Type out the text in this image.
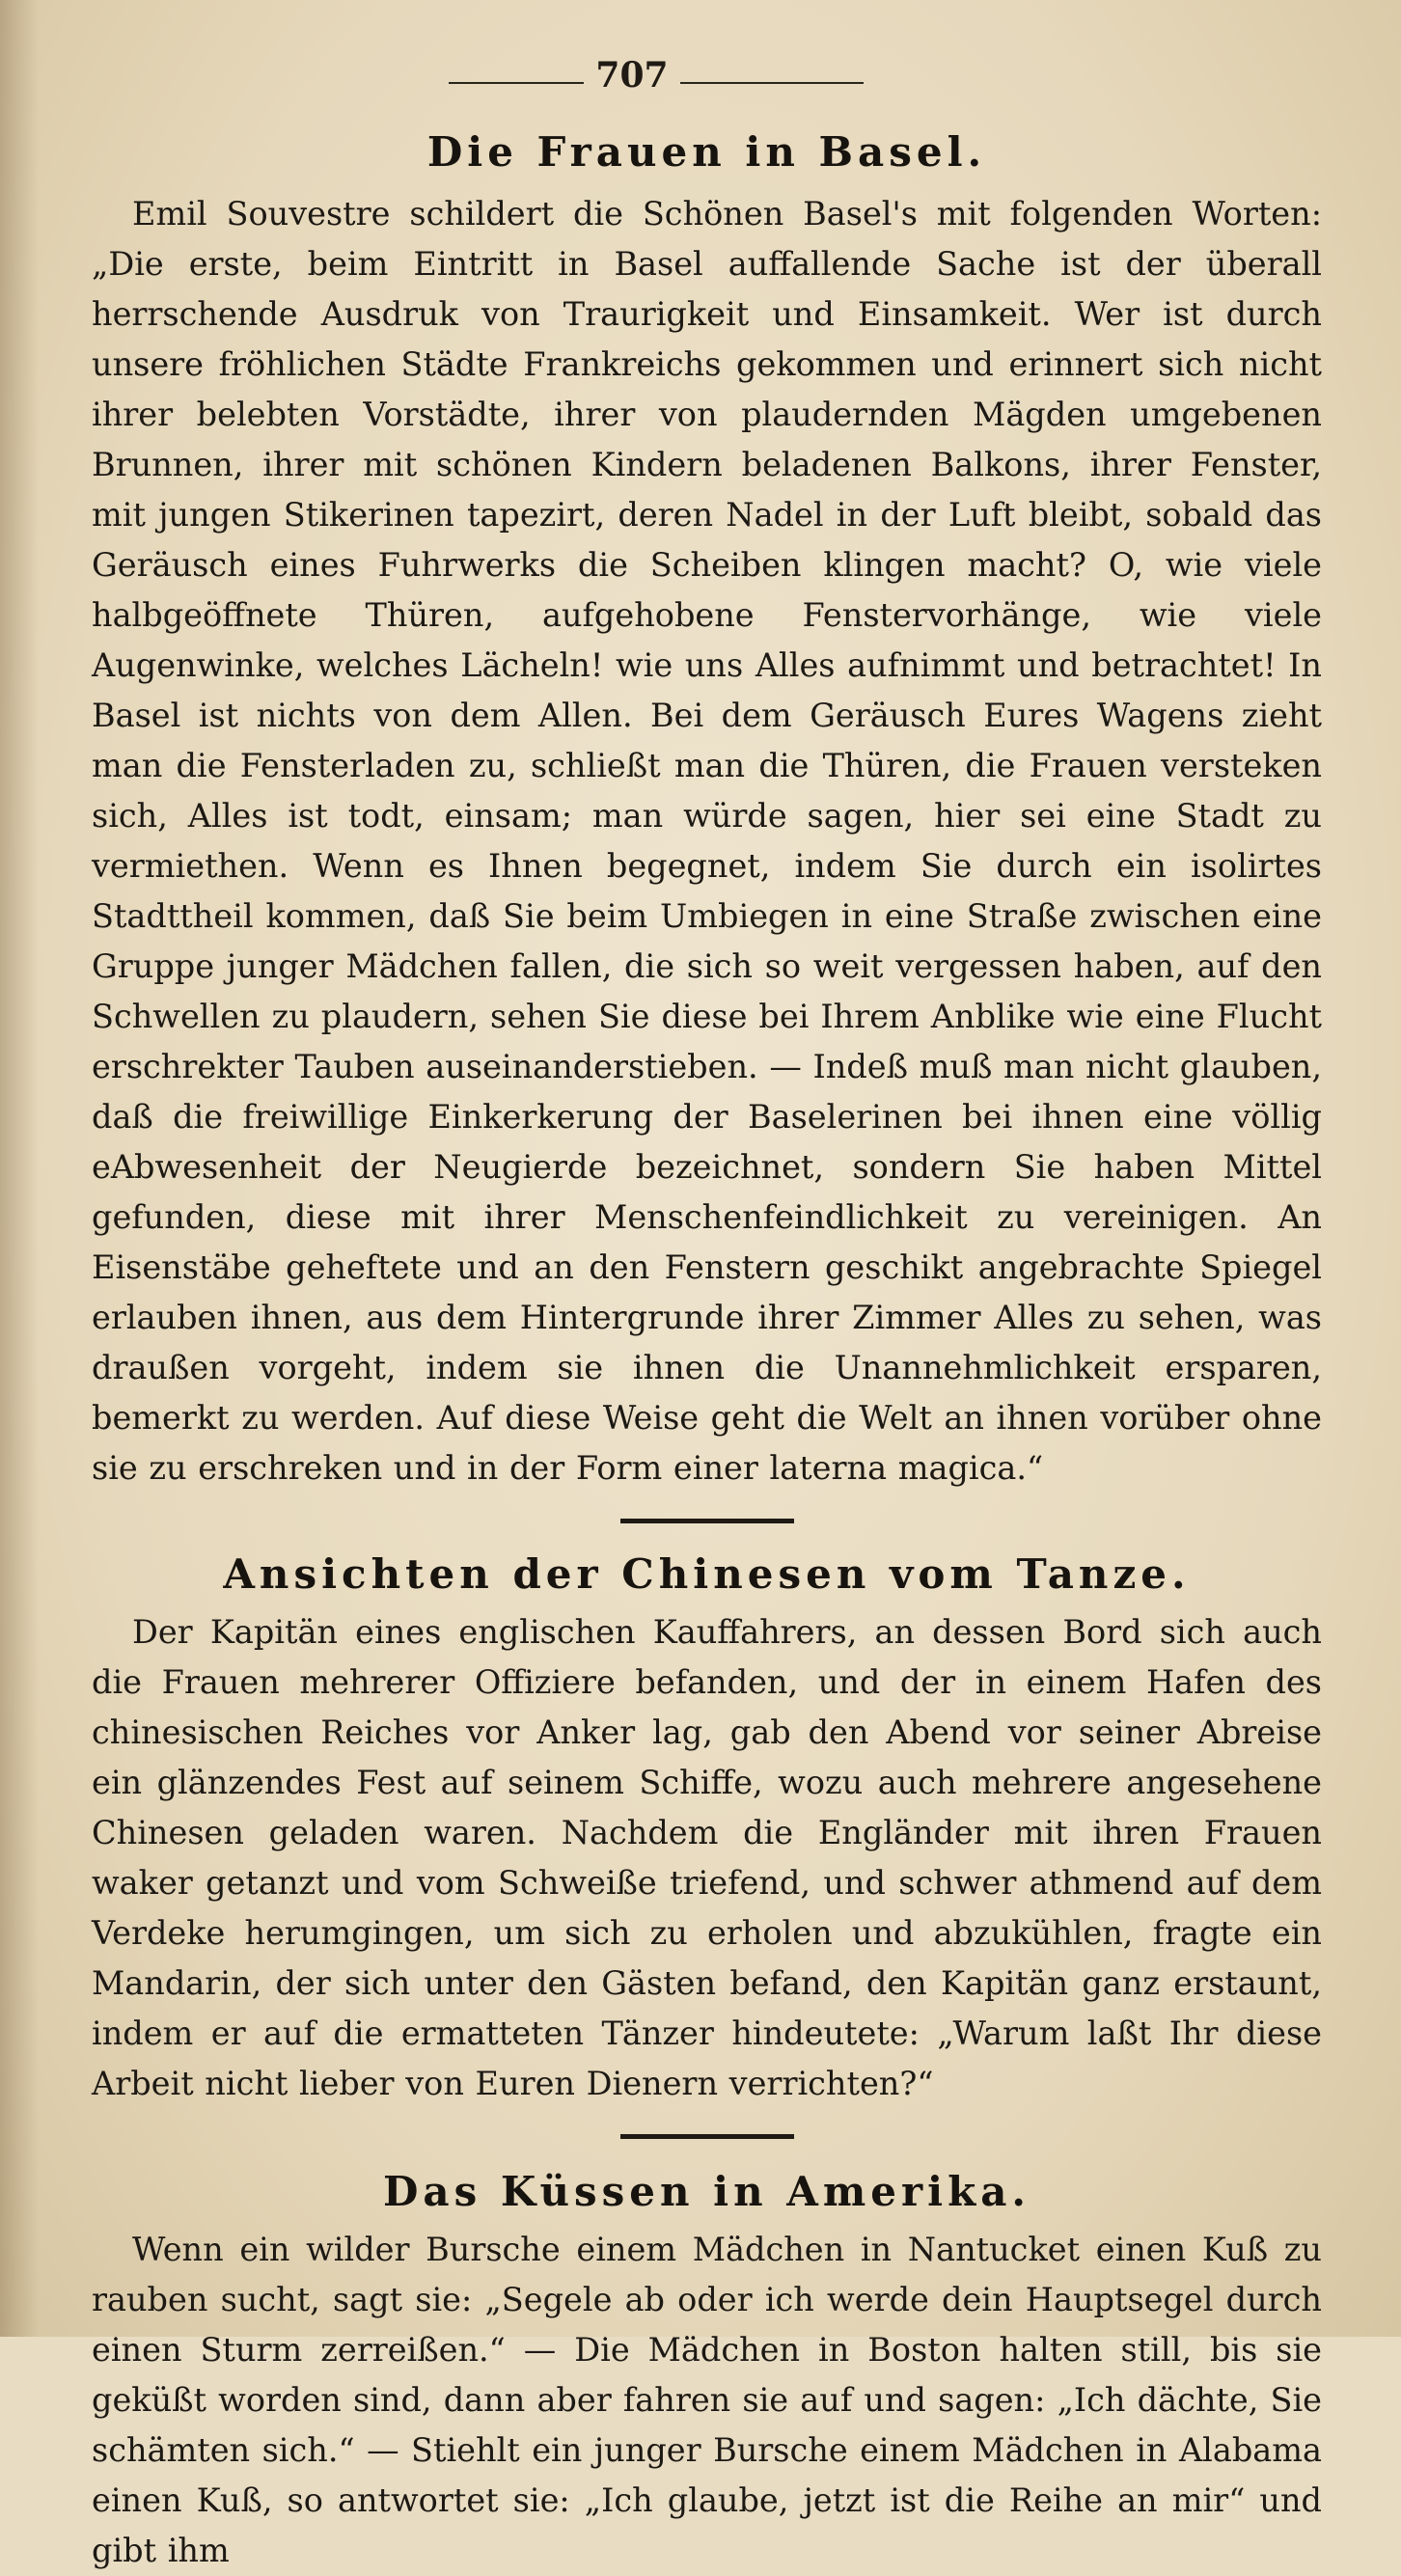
707
Die Frauen in Basel.

Emil Souvestre schildert die Schönen Basel's mit folgenden Worten: „Die erste, beim Eintritt in Basel auffallende Sache ist der überall herrschende Ausdruk von Traurigkeit und Einsamkeit. Wer ist durch unsere fröhlichen Städte Frankreichs gekommen und erinnert sich nicht ihrer belebten Vorstädte, ihrer von plaudernden Mägden umgebenen Brunnen, ihrer mit schönen Kindern beladenen Balkons, ihrer Fenster, mit jungen Stikerinen tapezirt, deren Nadel in der Luft bleibt, sobald das Geräusch eines Fuhrwerks die Scheiben klingen macht? O, wie viele halbgeöffnete Thüren, aufgehobene Fenstervorhänge, wie viele Augenwinke, welches Lächeln! wie uns Alles aufnimmt und betrachtet! In Basel ist nichts von dem Allen. Bei dem Geräusch Eures Wagens zieht man die Fensterladen zu, schließt man die Thüren, die Frauen versteken sich, Alles ist todt, einsam; man würde sagen, hier sei eine Stadt zu vermiethen. Wenn es Ihnen begegnet, indem Sie durch ein isolirtes Stadttheil kommen, daß Sie beim Umbiegen in eine Straße zwischen eine Gruppe junger Mädchen fallen, die sich so weit vergessen haben, auf den Schwellen zu plaudern, sehen Sie diese bei Ihrem Anblike wie eine Flucht erschrekter Tauben auseinanderstieben. — Indeß muß man nicht glauben, daß die freiwillige Einkerkerung der Baselerinen bei ihnen eine völlig eAbwesenheit der Neugierde bezeichnet, sondern Sie haben Mittel gefunden, diese mit ihrer Menschenfeindlichkeit zu vereinigen. An Eisenstäbe geheftete und an den Fenstern geschikt angebrachte Spiegel erlauben ihnen, aus dem Hintergrunde ihrer Zimmer Alles zu sehen, was draußen vorgeht, indem sie ihnen die Unannehmlichkeit ersparen, bemerkt zu werden. Auf diese Weise geht die Welt an ihnen vorüber ohne sie zu erschreken und in der Form einer laterna magica.“

Ansichten der Chinesen vom Tanze.

Der Kapitän eines englischen Kauffahrers, an dessen Bord sich auch die Frauen mehrerer Offiziere befanden, und der in einem Hafen des chinesischen Reiches vor Anker lag, gab den Abend vor seiner Abreise ein glänzendes Fest auf seinem Schiffe, wozu auch mehrere angesehene Chinesen geladen waren. Nachdem die Engländer mit ihren Frauen waker getanzt und vom Schweiße triefend, und schwer athmend auf dem Verdeke herumgingen, um sich zu erholen und abzukühlen, fragte ein Mandarin, der sich unter den Gästen befand, den Kapitän ganz erstaunt, indem er auf die ermatteten Tänzer hindeutete: „Warum laßt Ihr diese Arbeit nicht lieber von Euren Dienern verrichten?“

Das Küssen in Amerika.

Wenn ein wilder Bursche einem Mädchen in Nantucket einen Kuß zu rauben sucht, sagt sie: „Segele ab oder ich werde dein Hauptsegel durch einen Sturm zerreißen.“ — Die Mädchen in Boston halten still, bis sie geküßt worden sind, dann aber fahren sie auf und sagen: „Ich dächte, Sie schämten sich.“ — Stiehlt ein junger Bursche einem Mädchen in Alabama einen Kuß, so antwortet sie: „Ich glaube, jetzt ist die Reihe an mir“ und gibt ihm
